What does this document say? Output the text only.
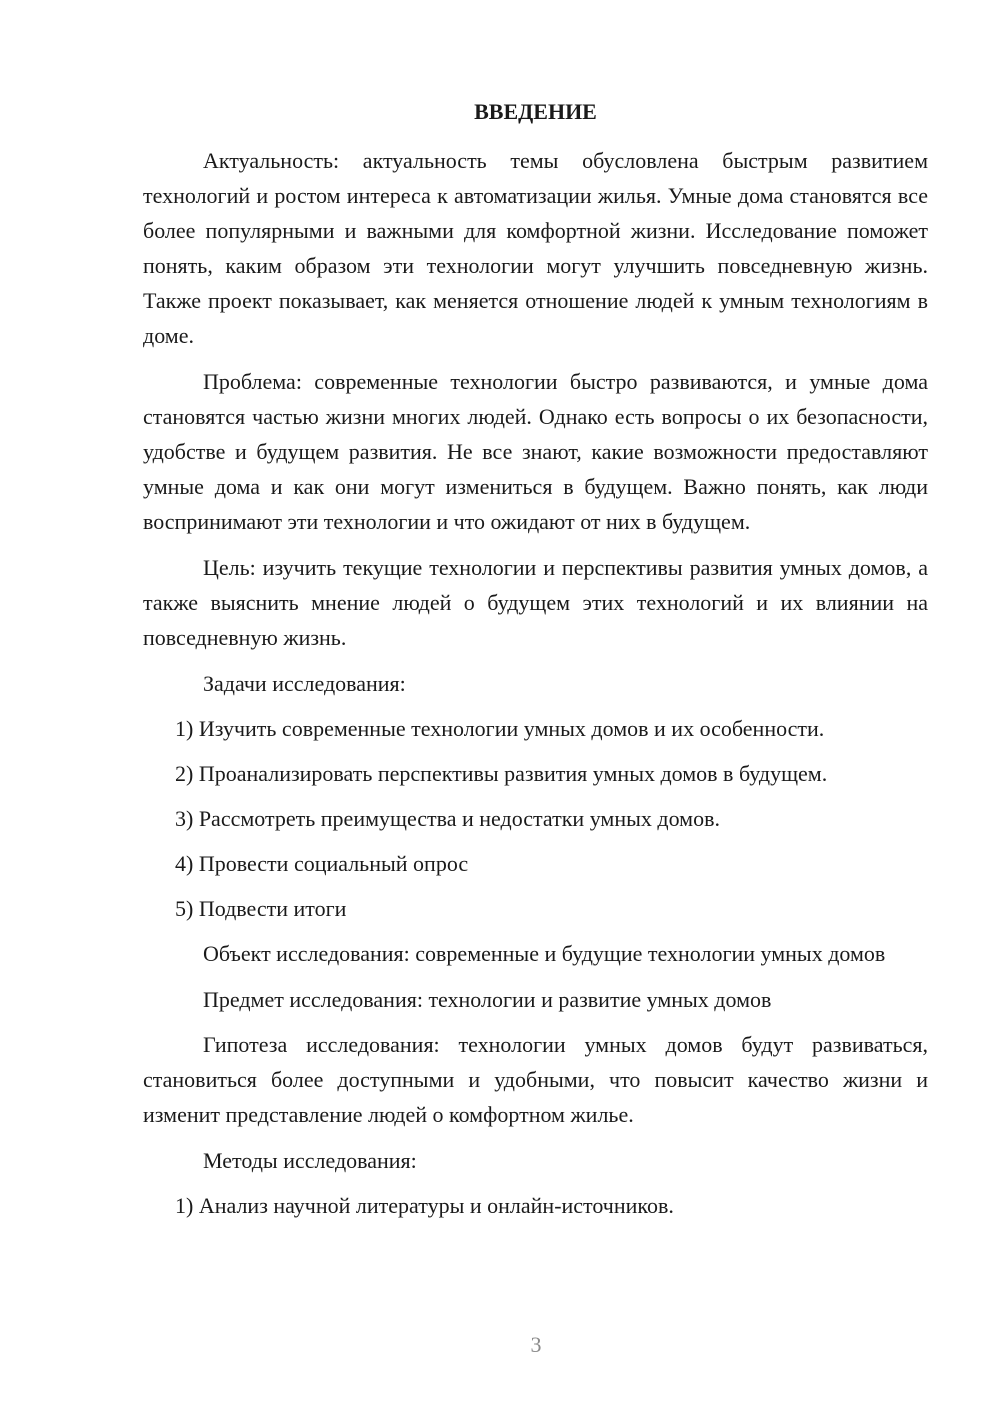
ВВЕДЕНИЕ

Актуальность: актуальность темы обусловлена быстрым развитием технологий и ростом интереса к автоматизации жилья. Умные дома становятся все более популярными и важными для комфортной жизни. Исследование поможет понять, каким образом эти технологии могут улучшить повседневную жизнь. Также проект показывает, как меняется отношение людей к умным технологиям в доме.

Проблема: современные технологии быстро развиваются, и умные дома становятся частью жизни многих людей. Однако есть вопросы о их безопасности, удобстве и будущем развития. Не все знают, какие возможности предоставляют умные дома и как они могут измениться в будущем. Важно понять, как люди воспринимают эти технологии и что ожидают от них в будущем.

Цель: изучить текущие технологии и перспективы развития умных домов, а также выяснить мнение людей о будущем этих технологий и их влиянии на повседневную жизнь.

Задачи исследования:

1) Изучить современные технологии умных домов и их особенности.
2) Проанализировать перспективы развития умных домов в будущем.
3) Рассмотреть преимущества и недостатки умных домов.
4) Провести социальный опрос
5) Подвести итоги

Объект исследования: современные и будущие технологии умных домов

Предмет исследования: технологии и развитие умных домов

Гипотеза исследования: технологии умных домов будут развиваться, становиться более доступными и удобными, что повысит качество жизни и изменит представление людей о комфортном жилье.

Методы исследования:

1) Анализ научной литературы и онлайн-источников.
3
